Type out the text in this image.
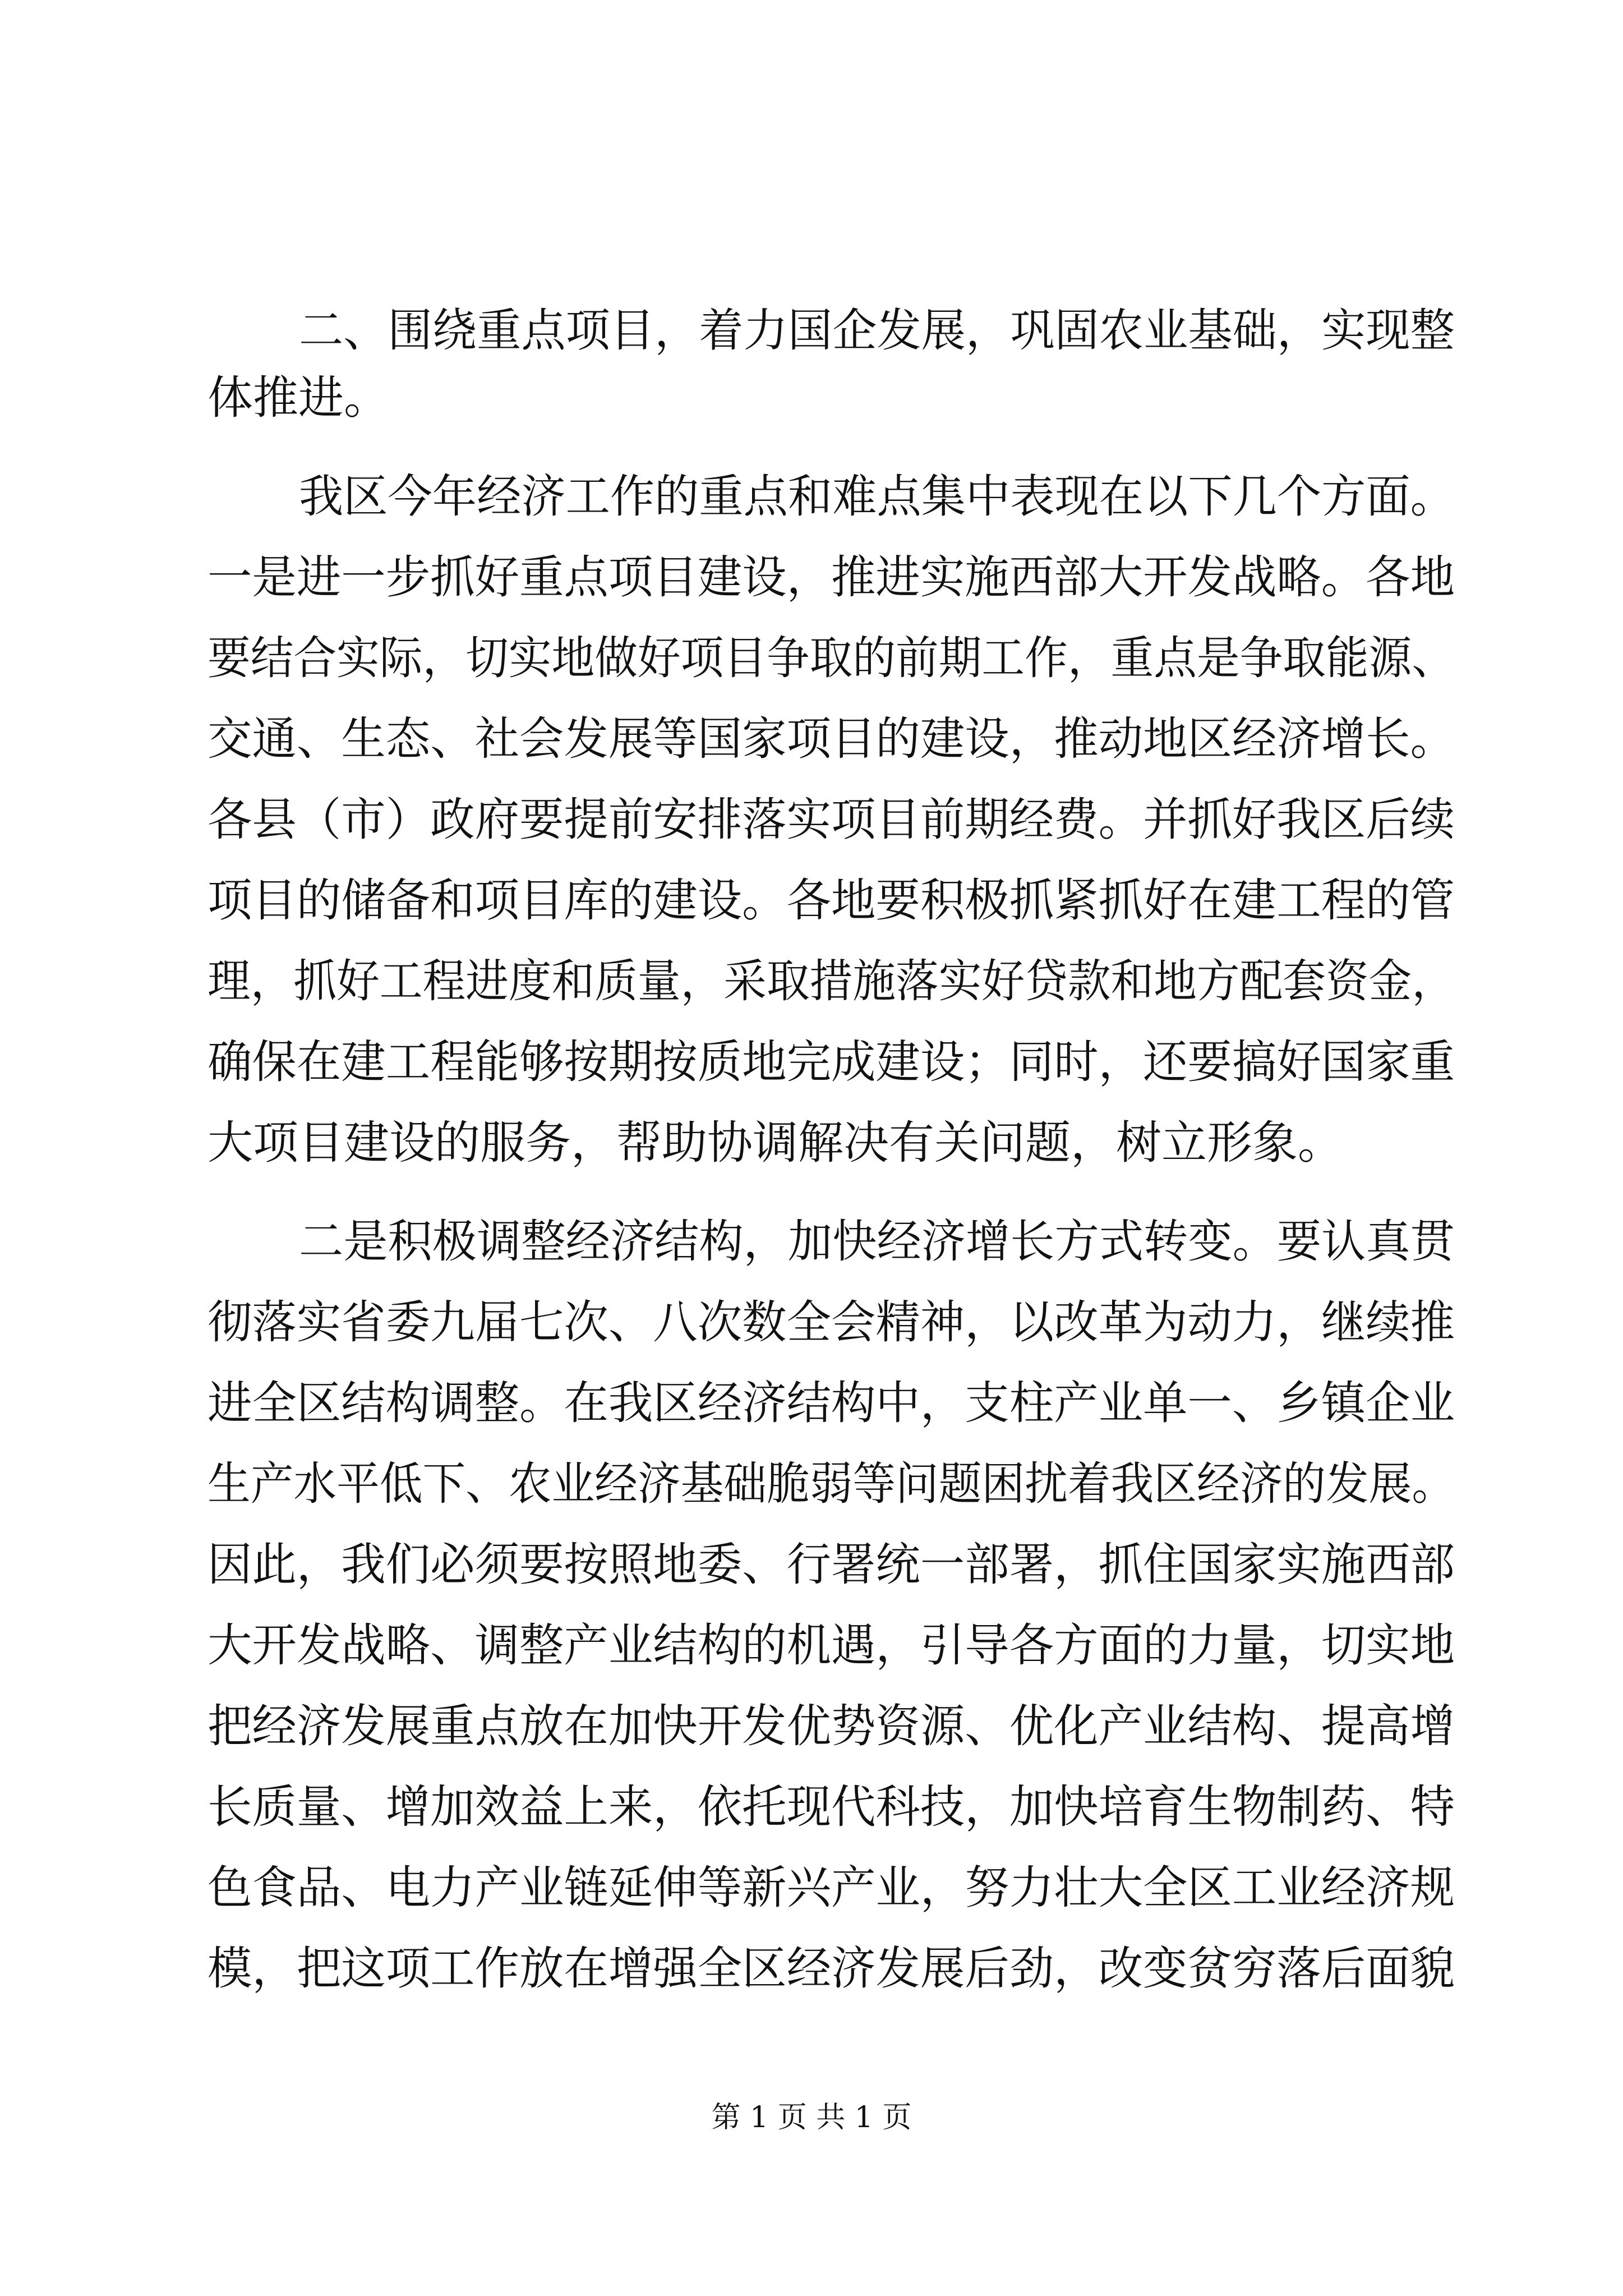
二、围绕重点项目，着力国企发展，巩固农业基础，实现整
体推进。
我区今年经济工作的重点和难点集中表现在以下几个方面。
一是进一步抓好重点项目建设，推进实施西部大开发战略。各地
要结合实际，切实地做好项目争取的前期工作，重点是争取能源、
交通、生态、社会发展等国家项目的建设，推动地区经济增长。
各县（市）政府要提前安排落实项目前期经费。并抓好我区后续
项目的储备和项目库的建设。各地要积极抓紧抓好在建工程的管
理，抓好工程进度和质量，采取措施落实好贷款和地方配套资金，
确保在建工程能够按期按质地完成建设；同时，还要搞好国家重
大项目建设的服务，帮助协调解决有关问题，树立形象。
二是积极调整经济结构，加快经济增长方式转变。要认真贯
彻落实省委九届七次、八次数全会精神，以改革为动力，继续推
进全区结构调整。在我区经济结构中，支柱产业单一、乡镇企业
生产水平低下、农业经济基础脆弱等问题困扰着我区经济的发展。
因此，我们必须要按照地委、行署统一部署，抓住国家实施西部
大开发战略、调整产业结构的机遇，引导各方面的力量，切实地
把经济发展重点放在加快开发优势资源、优化产业结构、提高增
长质量、增加效益上来，依托现代科技，加快培育生物制药、特
色食品、电力产业链延伸等新兴产业，努力壮大全区工业经济规
模，把这项工作放在增强全区经济发展后劲，改变贫穷落后面貌
第 1 页 共 1 页
